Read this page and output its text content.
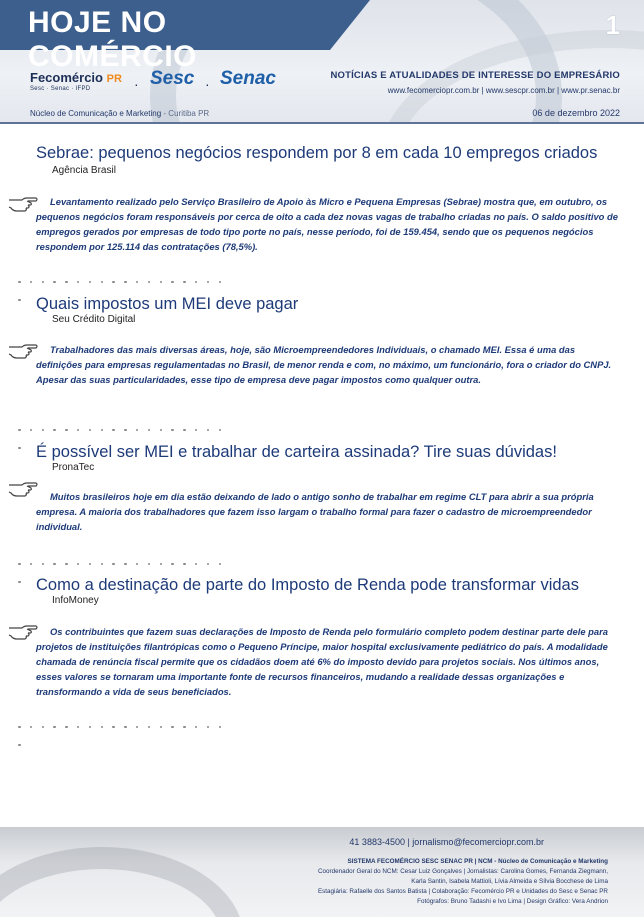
HOJE NO COMÉRCIO
1
Fecomércio PR
Sesc · Senac · IFPD	· Sesc · Senac	NOTÍCIAS E ATUALIDADES DE INTERESSE DO EMPRESÁRIO
www.fecomerciopr.com.br | www.sescpr.com.br | www.pr.senac.br
Núcleo de Comunicação e Marketing - Curitiba PR	06 de dezembro 2022
Sebrae: pequenos negócios respondem por 8 em cada 10 empregos criados
Agência Brasil

Levantamento realizado pelo Serviço Brasileiro de Apoio às Micro e Pequena Empresas (Sebrae) mostra que, em outubro, os pequenos negócios foram responsáveis por cerca de oito a cada dez novas vagas de trabalho criadas no país. O saldo positivo de empregos gerados por empresas de todo tipo porte no país, nesse período, foi de 159.454, sendo que os pequenos negócios respondem por 125.114 das contratações (78,5%).

Quais impostos um MEI deve pagar
Seu Crédito Digital

Trabalhadores das mais diversas áreas, hoje, são Microempreendedores Individuais, o chamado MEI. Essa é uma das definições para empresas regulamentadas no Brasil, de menor renda e com, no máximo, um funcionário, fora o criador do CNPJ. Apesar das suas particularidades, esse tipo de empresa deve pagar impostos como qualquer outra.

É possível ser MEI e trabalhar de carteira assinada? Tire suas dúvidas!
PronaTec

Muitos brasileiros hoje em dia estão deixando de lado o antigo sonho de trabalhar em regime CLT para abrir a sua própria empresa. A maioria dos trabalhadores que fazem isso largam o trabalho formal para fazer o cadastro de microempreendedor individual.

Como a destinação de parte do Imposto de Renda pode transformar vidas
InfoMoney

Os contribuintes que fazem suas declarações de Imposto de Renda pelo formulário completo podem destinar parte dele para projetos de instituições filantrópicas como o Pequeno Príncipe, maior hospital exclusivamente pediátrico do país. A modalidade chamada de renúncia fiscal permite que os cidadãos doem até 6% do imposto devido para projetos sociais. Nos últimos anos, esses valores se tornaram uma importante fonte de recursos financeiros, mudando a realidade dessas organizações e transformando a vida de seus beneficiados.

41 3883-4500 | jornalismo@fecomerciopr.com.br
SISTEMA FECOMÉRCIO SESC SENAC PR | NCM - Núcleo de Comunicação e Marketing
Coordenador Geral do NCM: Cesar Luiz Gonçalves | Jornalistas: Carolina Gomes, Fernanda Ziegmann,
Karla Santin, Isabela Mattioli, Lívia Almeida e Sílvia Bocchese de Lima
Estagiária: Rafaelle dos Santos Batista | Colaboração: Fecomércio PR e Unidades do Sesc e Senac PR
Fotógrafos: Bruno Tadashi e Ivo Lima | Design Gráfico: Vera Andrion
